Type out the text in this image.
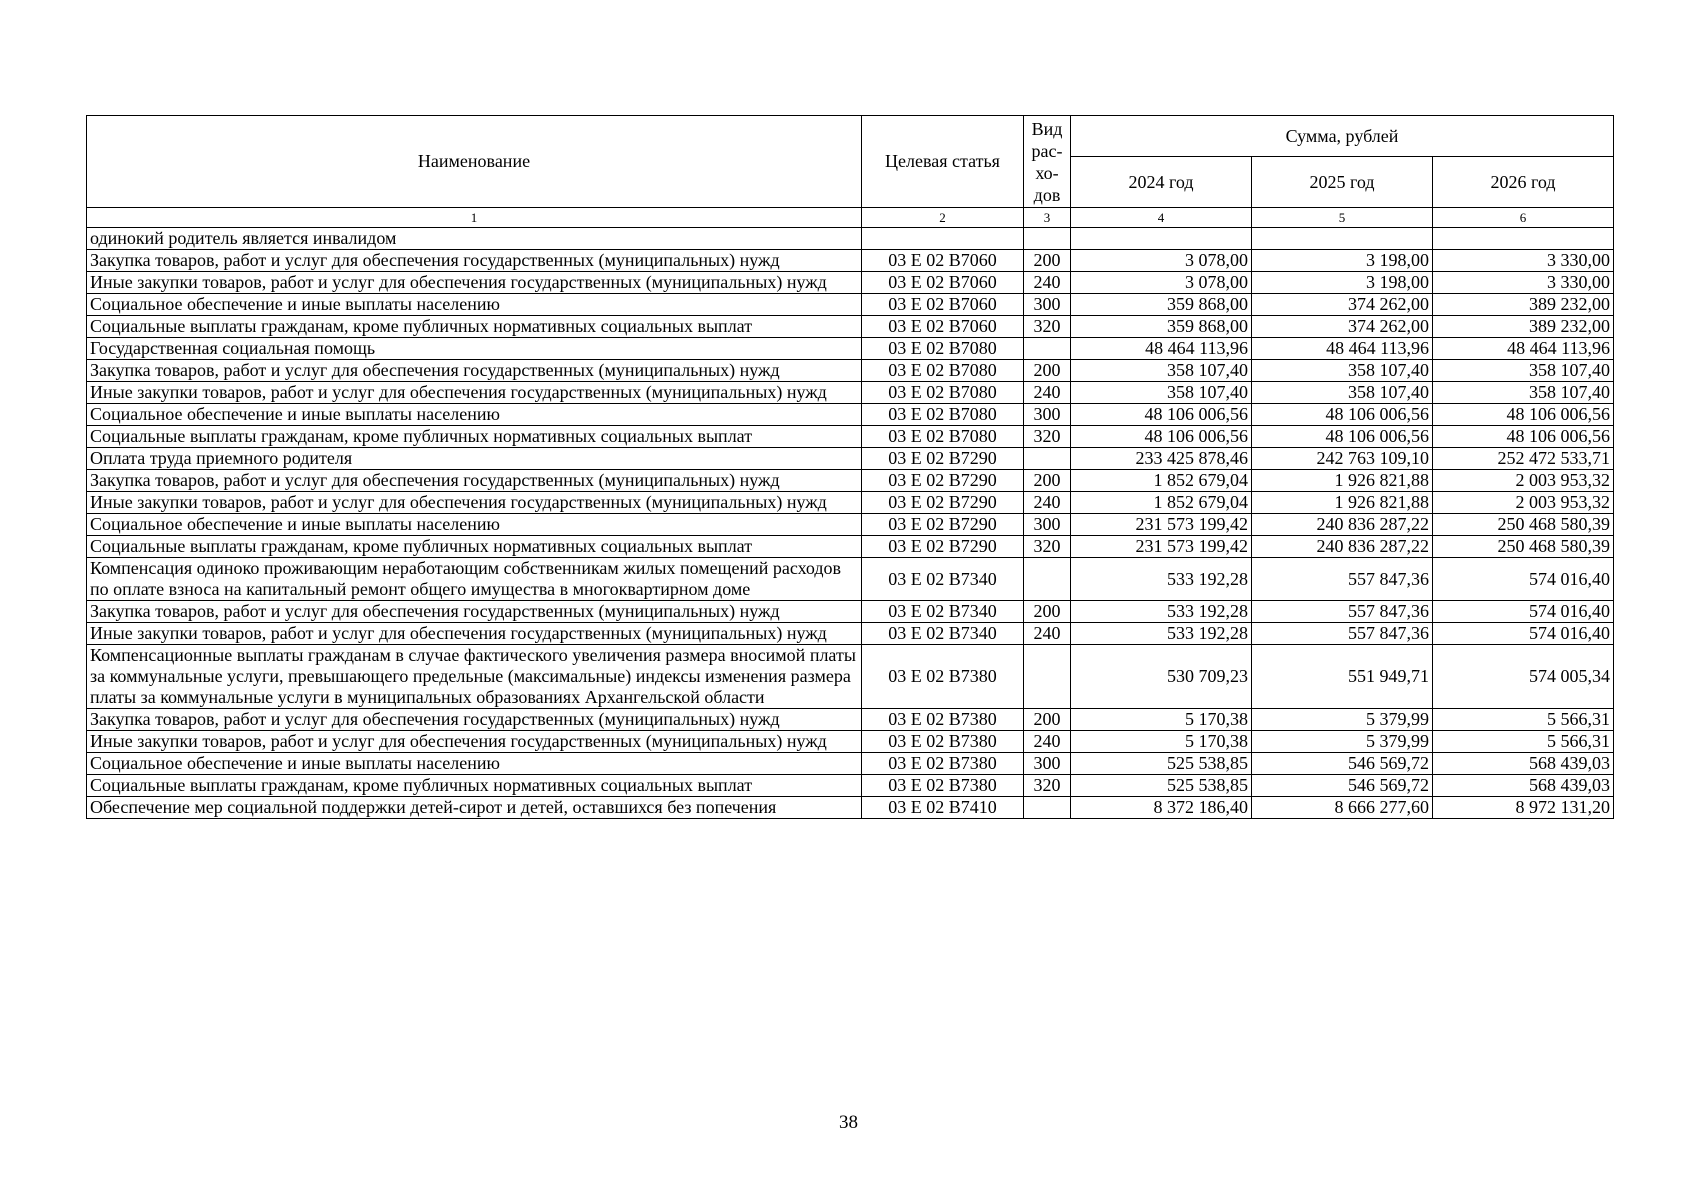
Наименование	Целевая статья	Вид
рас-
хо-
дов	Сумма, рублей		
			2024 год	2025 год	2026 год
1	2	3	4	5	6
одинокий родитель является инвалидом					
Закупка товаров, работ и услуг для обеспечения государственных (муниципальных) нужд	03 Е 02 В7060	200	3 078,00	3 198,00	3 330,00
Иные закупки товаров, работ и услуг для обеспечения государственных (муниципальных) нужд	03 Е 02 В7060	240	3 078,00	3 198,00	3 330,00
Социальное обеспечение и иные выплаты населению	03 Е 02 В7060	300	359 868,00	374 262,00	389 232,00
Социальные выплаты гражданам, кроме публичных нормативных социальных выплат	03 Е 02 В7060	320	359 868,00	374 262,00	389 232,00
Государственная социальная помощь	03 Е 02 В7080		48 464 113,96	48 464 113,96	48 464 113,96
Закупка товаров, работ и услуг для обеспечения государственных (муниципальных) нужд	03 Е 02 В7080	200	358 107,40	358 107,40	358 107,40
Иные закупки товаров, работ и услуг для обеспечения государственных (муниципальных) нужд	03 Е 02 В7080	240	358 107,40	358 107,40	358 107,40
Социальное обеспечение и иные выплаты населению	03 Е 02 В7080	300	48 106 006,56	48 106 006,56	48 106 006,56
Социальные выплаты гражданам, кроме публичных нормативных социальных выплат	03 Е 02 В7080	320	48 106 006,56	48 106 006,56	48 106 006,56
Оплата труда приемного родителя	03 Е 02 В7290		233 425 878,46	242 763 109,10	252 472 533,71
Закупка товаров, работ и услуг для обеспечения государственных (муниципальных) нужд	03 Е 02 В7290	200	1 852 679,04	1 926 821,88	2 003 953,32
Иные закупки товаров, работ и услуг для обеспечения государственных (муниципальных) нужд	03 Е 02 В7290	240	1 852 679,04	1 926 821,88	2 003 953,32
Социальное обеспечение и иные выплаты населению	03 Е 02 В7290	300	231 573 199,42	240 836 287,22	250 468 580,39
Социальные выплаты гражданам, кроме публичных нормативных социальных выплат	03 Е 02 В7290	320	231 573 199,42	240 836 287,22	250 468 580,39
Компенсация одиноко проживающим неработающим собственникам жилых помещений расходов по оплате взноса на капитальный ремонт общего имущества в многоквартирном доме	03 Е 02 В7340		533 192,28	557 847,36	574 016,40
Закупка товаров, работ и услуг для обеспечения государственных (муниципальных) нужд	03 Е 02 В7340	200	533 192,28	557 847,36	574 016,40
Иные закупки товаров, работ и услуг для обеспечения государственных (муниципальных) нужд	03 Е 02 В7340	240	533 192,28	557 847,36	574 016,40
Компенсационные выплаты гражданам в случае фактического увеличения размера вносимой платы за коммунальные услуги, превышающего предельные (максимальные) индексы изменения размера платы за коммунальные услуги в муниципальных образованиях Архангельской области	03 Е 02 В7380		530 709,23	551 949,71	574 005,34
Закупка товаров, работ и услуг для обеспечения государственных (муниципальных) нужд	03 Е 02 В7380	200	5 170,38	5 379,99	5 566,31
Иные закупки товаров, работ и услуг для обеспечения государственных (муниципальных) нужд	03 Е 02 В7380	240	5 170,38	5 379,99	5 566,31
Социальное обеспечение и иные выплаты населению	03 Е 02 В7380	300	525 538,85	546 569,72	568 439,03
Социальные выплаты гражданам, кроме публичных нормативных социальных выплат	03 Е 02 В7380	320	525 538,85	546 569,72	568 439,03
Обеспечение мер социальной поддержки детей-сирот и детей, оставшихся без попечения	03 Е 02 В7410		8 372 186,40	8 666 277,60	8 972 131,20
38
